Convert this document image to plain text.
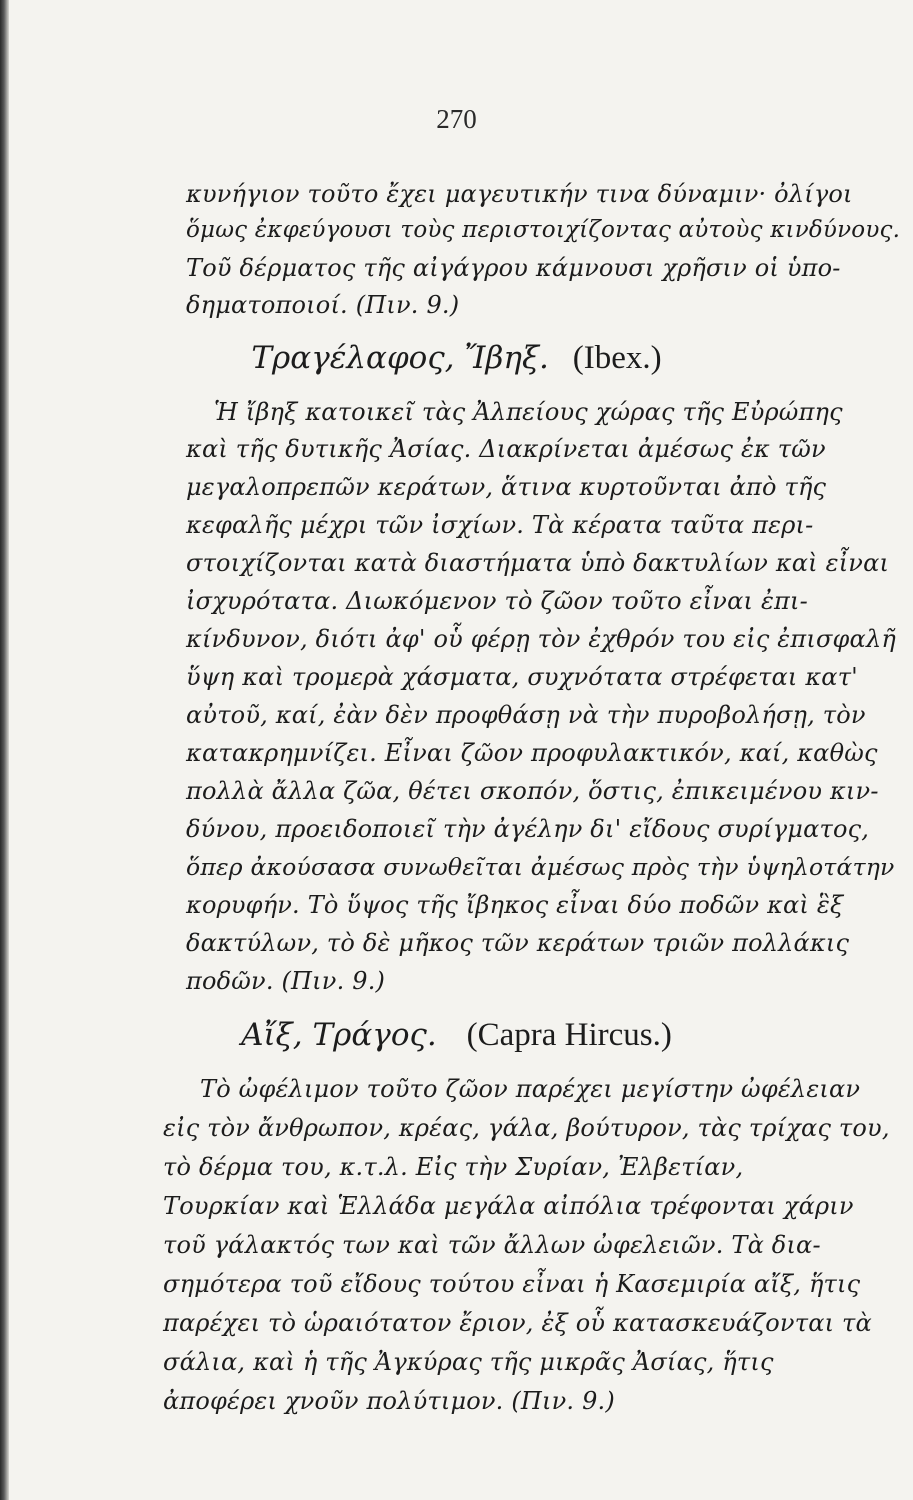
270
κυνήγιον τοῦτο ἔχει μαγευτικήν τινα δύναμιν· ὀλίγοι
ὅμως ἐκφεύγουσι τοὺς περιστοιχίζοντας αὐτοὺς κινδύνους.
Τοῦ δέρματος τῆς αἰγάγρου κάμνουσι χρῆσιν οἱ ὑπο-
δηματοποιοί. (Πιν. 9.)
Τραγέλαφος, Ἴβηξ. (Ibex.)
Ἡ ἴβηξ κατοικεῖ τὰς Ἀλπείους χώρας τῆς Εὐρώπης
καὶ τῆς δυτικῆς Ἀσίας. Διακρίνεται ἀμέσως ἐκ τῶν
μεγαλοπρεπῶν κεράτων, ἅτινα κυρτοῦνται ἀπὸ τῆς
κεφαλῆς μέχρι τῶν ἰσχίων. Τὰ κέρατα ταῦτα περι-
στοιχίζονται κατὰ διαστήματα ὑπὸ δακτυλίων καὶ εἶναι
ἰσχυρότατα. Διωκόμενον τὸ ζῶον τοῦτο εἶναι ἐπι-
κίνδυνον, διότι ἀφ' οὗ φέρῃ τὸν ἐχθρόν του εἰς ἐπισφαλῆ
ὕψη καὶ τρομερὰ χάσματα, συχνότατα στρέφεται κατ'
αὐτοῦ, καί, ἐὰν δὲν προφθάσῃ νὰ τὴν πυροβολήσῃ, τὸν
κατακρημνίζει. Εἶναι ζῶον προφυλακτικόν, καί, καθὼς
πολλὰ ἄλλα ζῶα, θέτει σκοπόν, ὅστις, ἐπικειμένου κιν-
δύνου, προειδοποιεῖ τὴν ἀγέλην δι' εἴδους συρίγματος,
ὅπερ ἀκούσασα συνωθεῖται ἀμέσως πρὸς τὴν ὑψηλοτάτην
κορυφήν. Τὸ ὕψος τῆς ἴβηκος εἶναι δύο ποδῶν καὶ ἓξ
δακτύλων, τὸ δὲ μῆκος τῶν κεράτων τριῶν πολλάκις
ποδῶν. (Πιν. 9.)
Αἴξ, Τράγος. (Capra Hircus.)
Τὸ ὠφέλιμον τοῦτο ζῶον παρέχει μεγίστην ὠφέλειαν
εἰς τὸν ἄνθρωπον, κρέας, γάλα, βούτυρον, τὰς τρίχας του,
τὸ δέρμα του, κ.τ.λ. Εἰς τὴν Συρίαν, Ἐλβετίαν,
Τουρκίαν καὶ Ἑλλάδα μεγάλα αἰπόλια τρέφονται χάριν
τοῦ γάλακτός των καὶ τῶν ἄλλων ὠφελειῶν. Τὰ δια-
σημότερα τοῦ εἴδους τούτου εἶναι ἡ Κασεμιρία αἴξ, ἥτις
παρέχει τὸ ὡραιότατον ἔριον, ἐξ οὗ κατασκευάζονται τὰ
σάλια, καὶ ἡ τῆς Ἀγκύρας τῆς μικρᾶς Ἀσίας, ἥτις
ἀποφέρει χνοῦν πολύτιμον. (Πιν. 9.)
